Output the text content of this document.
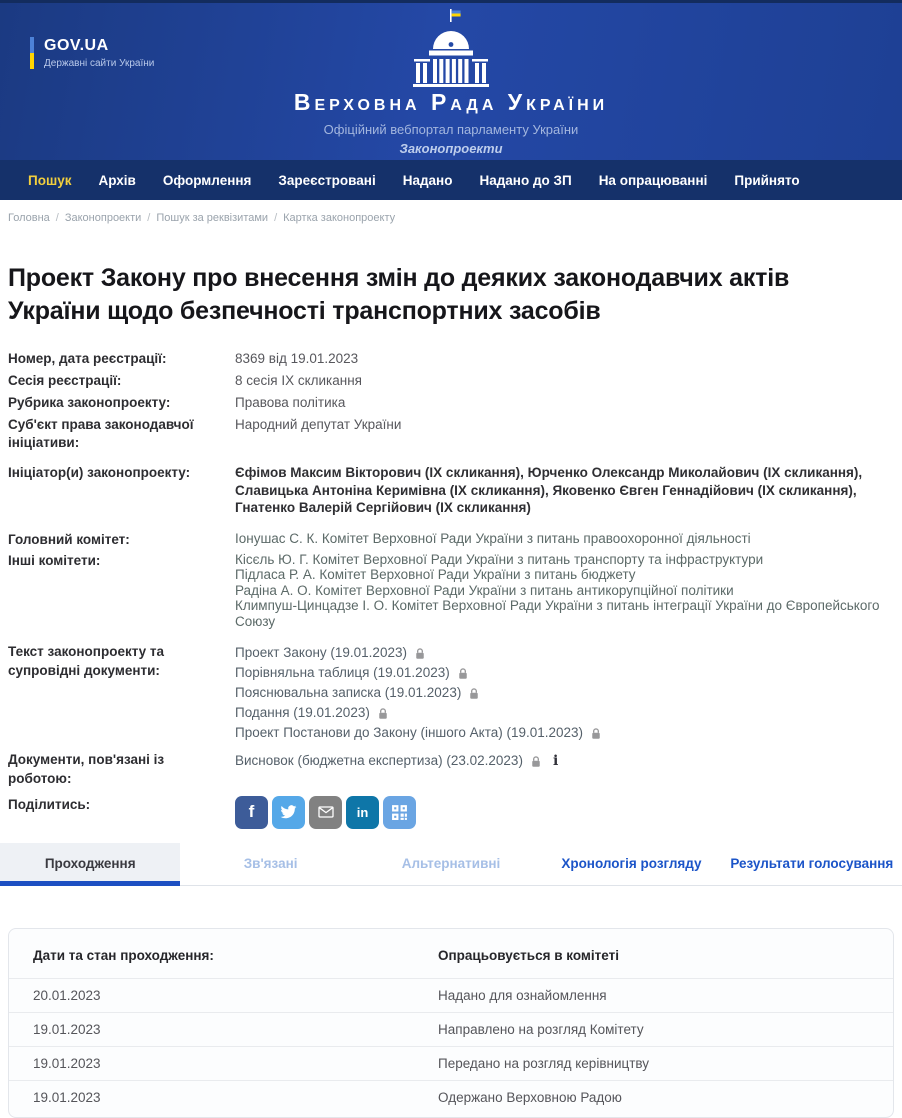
GOV.UA
Державні сайти України
Верховна Рада України
Офіційний вебпортал парламенту України
Законопроекти
Пошук Архів Оформлення Зареєстровані Надано Надано до ЗП На опрацюванні Прийнято
Головна / Законопроекти / Пошук за реквізитами / Картка законопроекту
Проект Закону про внесення змін до деяких законодавчих актів України щодо безпечності транспортних засобів
Номер, дата реєстрації:	8369 від 19.01.2023
Сесія реєстрації:	8 сесія IX скликання
Рубрика законопроекту:	Правова політика
Суб'єкт права законодавчої ініціативи:
Народний депутат України
Ініціатор(и) законопроекту:	Єфімов Максим Вікторович (IX скликання), Юрченко Олександр Миколайович (IX скликання), Славицька Антоніна Керимівна (IX скликання), Яковенко Євген Геннадійович (IX скликання), Гнатенко Валерій Сергійович (IX скликання)
Головний комітет:	Іонушас С. К. Комітет Верховної Ради України з питань правоохоронної діяльності
Інші комітети:	Кісєль Ю. Г. Комітет Верховної Ради України з питань транспорту та інфраструктури
Підласа Р. А. Комітет Верховної Ради України з питань бюджету
Радіна А. О. Комітет Верховної Ради України з питань антикорупційної політики
Климпуш-Цинцадзе І. О. Комітет Верховної Ради України з питань інтеграції України до Європейського Союзу
Текст законопроекту та супровідні документи:
Проект Закону (19.01.2023)
Порівняльна таблиця (19.01.2023)
Пояснювальна записка (19.01.2023)
Подання (19.01.2023)
Проект Постанови до Закону (іншого Акта) (19.01.2023)
Документи, пов'язані із роботою:
Висновок (бюджетна експертиза) (23.02.2023) i
Поділитись:	f	in
Проходження	Зв'язані	Альтернативні	Хронологія розгляду	Результати голосування
Дати та стан проходження:	Опрацьовується в комітеті
20.01.2023	Надано для ознайомлення
19.01.2023	Направлено на розгляд Комітету
19.01.2023	Передано на розгляд керівництву
19.01.2023	Одержано Верховною Радою
